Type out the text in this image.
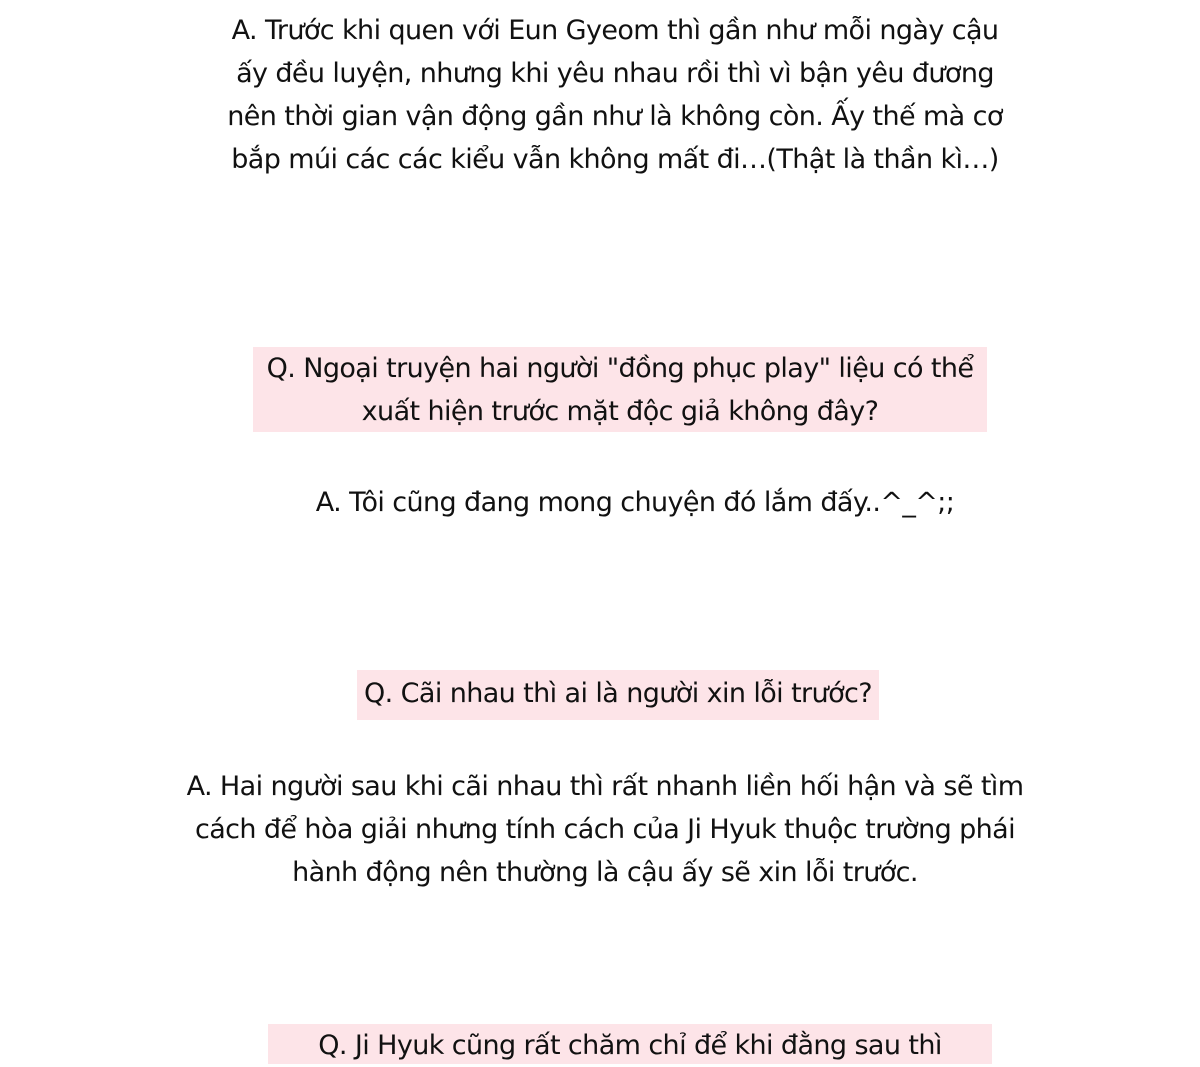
A. Trước khi quen với Eun Gyeom thì gần như mỗi ngày cậu
ấy đều luyện, nhưng khi yêu nhau rồi thì vì bận yêu đương
nên thời gian vận động gần như là không còn. Ấy thế mà cơ
bắp múi các các kiểu vẫn không mất đi…(Thật là thần kì…)
Q. Ngoại truyện hai người "đồng phục play" liệu có thể
xuất hiện trước mặt độc giả không đây?
A. Tôi cũng đang mong chuyện đó lắm đấy..^_^;;
Q. Cãi nhau thì ai là người xin lỗi trước?
A. Hai người sau khi cãi nhau thì rất nhanh liền hối hận và sẽ tìm
cách để hòa giải nhưng tính cách của Ji Hyuk thuộc trường phái
hành động nên thường là cậu ấy sẽ xin lỗi trước.
Q. Ji Hyuk cũng rất chăm chỉ để khi đằng sau thì
